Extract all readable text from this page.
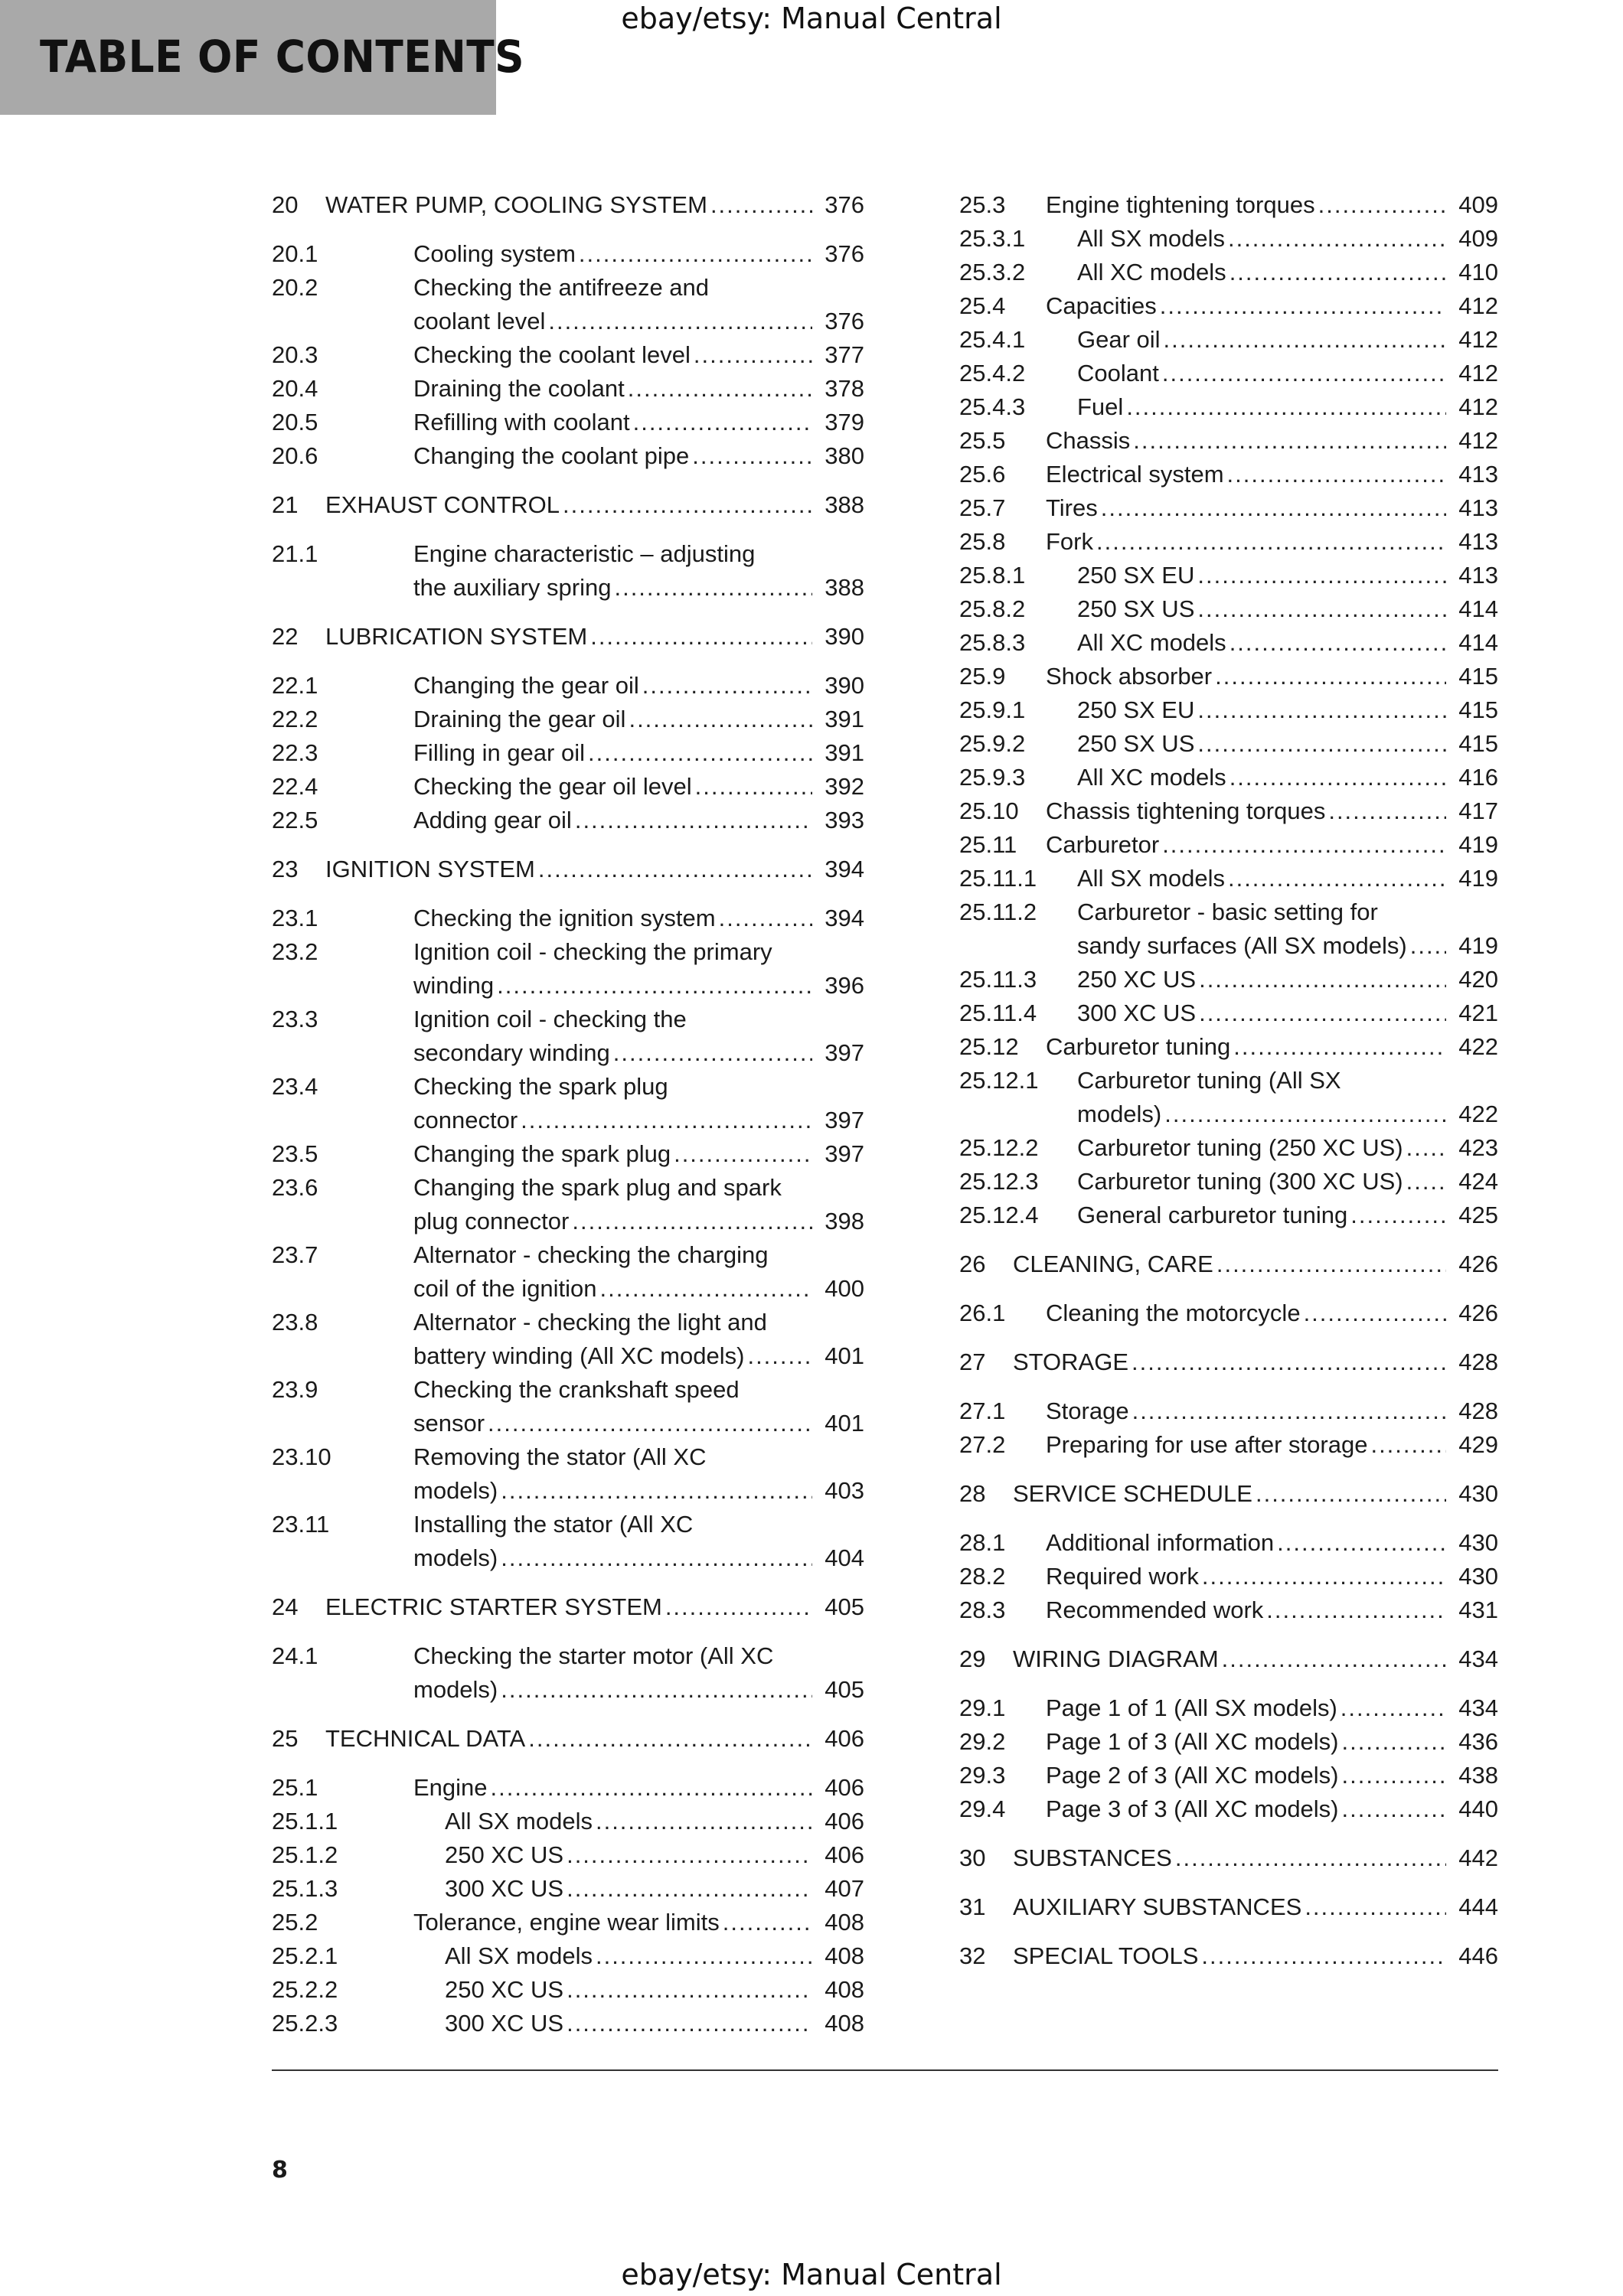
TABLE OF CONTENTS
ebay/etsy: Manual Central
20 WATER PUMP, COOLING SYSTEM .....	376
20.1	Cooling system .....	376
20.2	Checking the antifreeze and
coolant level .....	376
20.3	Checking the coolant level .....	377
20.4	Draining the coolant .....	378
20.5	Refilling with coolant .....	379
20.6	Changing the coolant pipe .....	380
21 EXHAUST CONTROL .....	388
21.1	Engine characteristic – adjusting
the auxiliary spring .....	388
22 LUBRICATION SYSTEM .....	390
22.1	Changing the gear oil .....	390
22.2	Draining the gear oil .....	391
22.3	Filling in gear oil .....	391
22.4	Checking the gear oil level .....	392
22.5	Adding gear oil .....	393
23 IGNITION SYSTEM .....	394
23.1	Checking the ignition system .....	394
23.2	Ignition coil - checking the primary
winding .....	396
23.3	Ignition coil - checking the
secondary winding .....	397
23.4	Checking the spark plug
connector .....	397
23.5	Changing the spark plug .....	397
23.6	Changing the spark plug and spark
plug connector .....	398
23.7	Alternator - checking the charging
coil of the ignition .....	400
23.8	Alternator - checking the light and
battery winding (All XC models) .....	401
23.9	Checking the crankshaft speed
sensor .....	401
23.10	Removing the stator (All XC
models) .....	403
23.11	Installing the stator (All XC
models) .....	404
24 ELECTRIC STARTER SYSTEM .....	405
24.1	Checking the starter motor (All XC
models) .....	405
25 TECHNICAL DATA .....	406
25.1	Engine .....	406
25.1.1	All SX models .....	406
25.1.2	250 XC US .....	406
25.1.3	300 XC US .....	407
25.2	Tolerance, engine wear limits .....	408
25.2.1	All SX models .....	408
25.2.2	250 XC US .....	408
25.2.3	300 XC US .....	408
25.3 Engine tightening torques .....	409
25.3.1 All SX models .....	409
25.3.2 All XC models .....	410
25.4 Capacities .....	412
25.4.1 Gear oil .....	412
25.4.2 Coolant .....	412
25.4.3 Fuel .....	412
25.5 Chassis .....	412
25.6 Electrical system .....	413
25.7 Tires .....	413
25.8 Fork .....	413
25.8.1 250 SX EU .....	413
25.8.2 250 SX US .....	414
25.8.3 All XC models .....	414
25.9 Shock absorber .....	415
25.9.1 250 SX EU .....	415
25.9.2 250 SX US .....	415
25.9.3 All XC models .....	416
25.10 Chassis tightening torques .....	417
25.11 Carburetor .....	419
25.11.1 All SX models .....	419
25.11.2 Carburetor - basic setting for
sandy surfaces (All SX models) .....	419
25.11.3 250 XC US .....	420
25.11.4 300 XC US .....	421
25.12 Carburetor tuning .....	422
25.12.1 Carburetor tuning (All SX
models) .....	422
25.12.2 Carburetor tuning (250 XC US) .....	423
25.12.3 Carburetor tuning (300 XC US) .....	424
25.12.4 General carburetor tuning .....	425
26 CLEANING, CARE .....	426
26.1 Cleaning the motorcycle .....	426
27 STORAGE .....	428
27.1 Storage .....	428
27.2 Preparing for use after storage .....	429
28 SERVICE SCHEDULE .....	430
28.1 Additional information .....	430
28.2 Required work .....	430
28.3 Recommended work .....	431
29 WIRING DIAGRAM .....	434
29.1 Page 1 of 1 (All SX models) .....	434
29.2 Page 1 of 3 (All XC models) .....	436
29.3 Page 2 of 3 (All XC models) .....	438
29.4 Page 3 of 3 (All XC models) .....	440
30 SUBSTANCES .....	442
31 AUXILIARY SUBSTANCES .....	444
32 SPECIAL TOOLS .....	446
8
ebay/etsy: Manual Central
